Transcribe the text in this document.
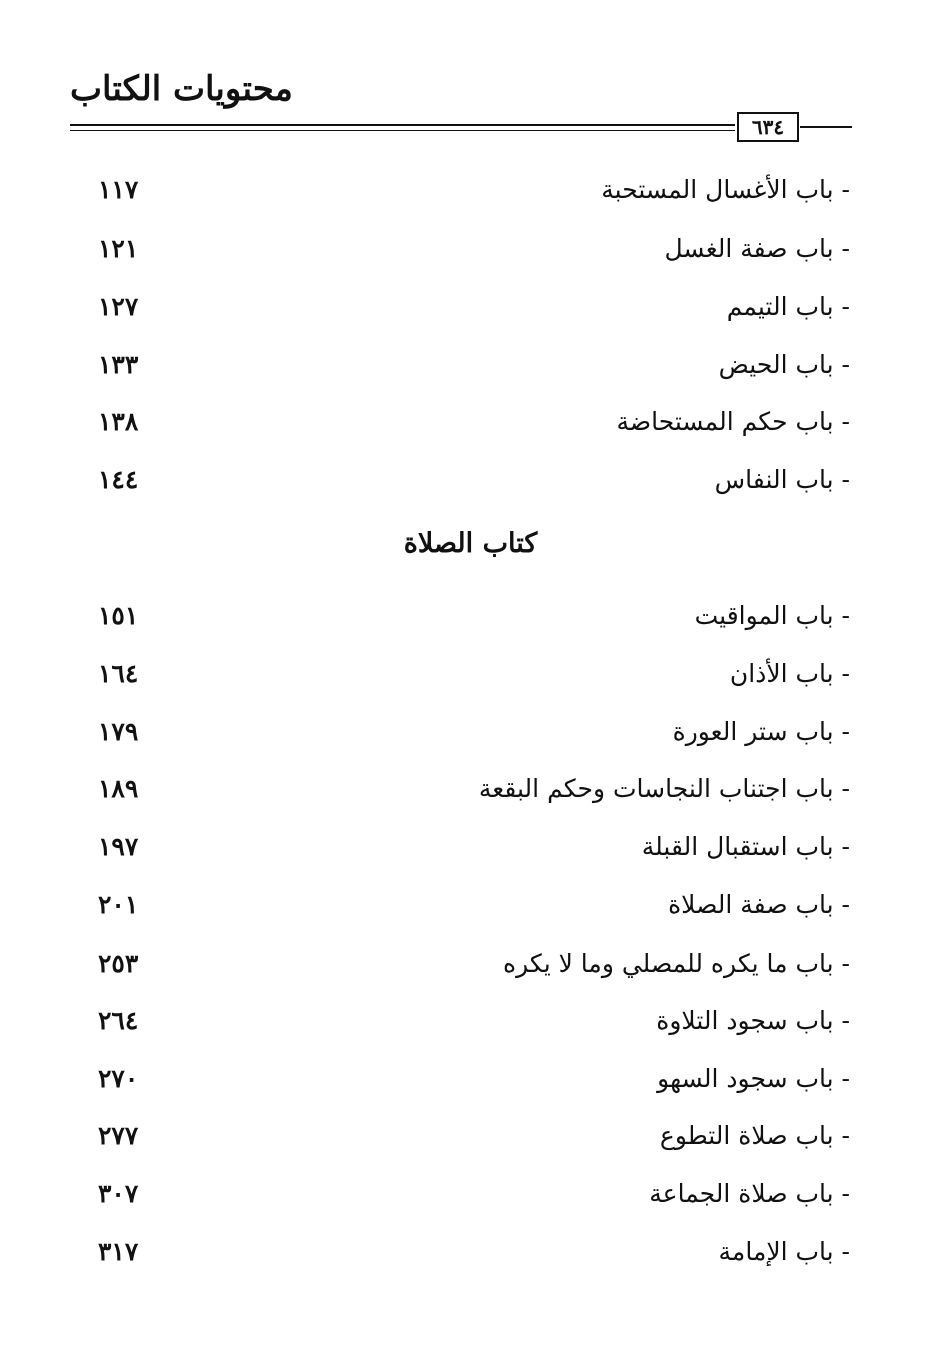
محتويات الكتاب
٦٣٤
- باب الأغسال المستحبة
١١٧
- باب صفة الغسل
١٢١
- باب التيمم
١٢٧
- باب الحيض
١٣٣
- باب حكم المستحاضة
١٣٨
- باب النفاس
١٤٤
كتاب الصلاة
- باب المواقيت
١٥١
- باب الأذان
١٦٤
- باب ستر العورة
١٧٩
- باب اجتناب النجاسات وحكم البقعة
١٨٩
- باب استقبال القبلة
١٩٧
- باب صفة الصلاة
٢٠١
- باب ما يكره للمصلي وما لا يكره
٢٥٣
- باب سجود التلاوة
٢٦٤
- باب سجود السهو
٢٧٠
- باب صلاة التطوع
٢٧٧
- باب صلاة الجماعة
٣٠٧
- باب الإمامة
٣١٧
